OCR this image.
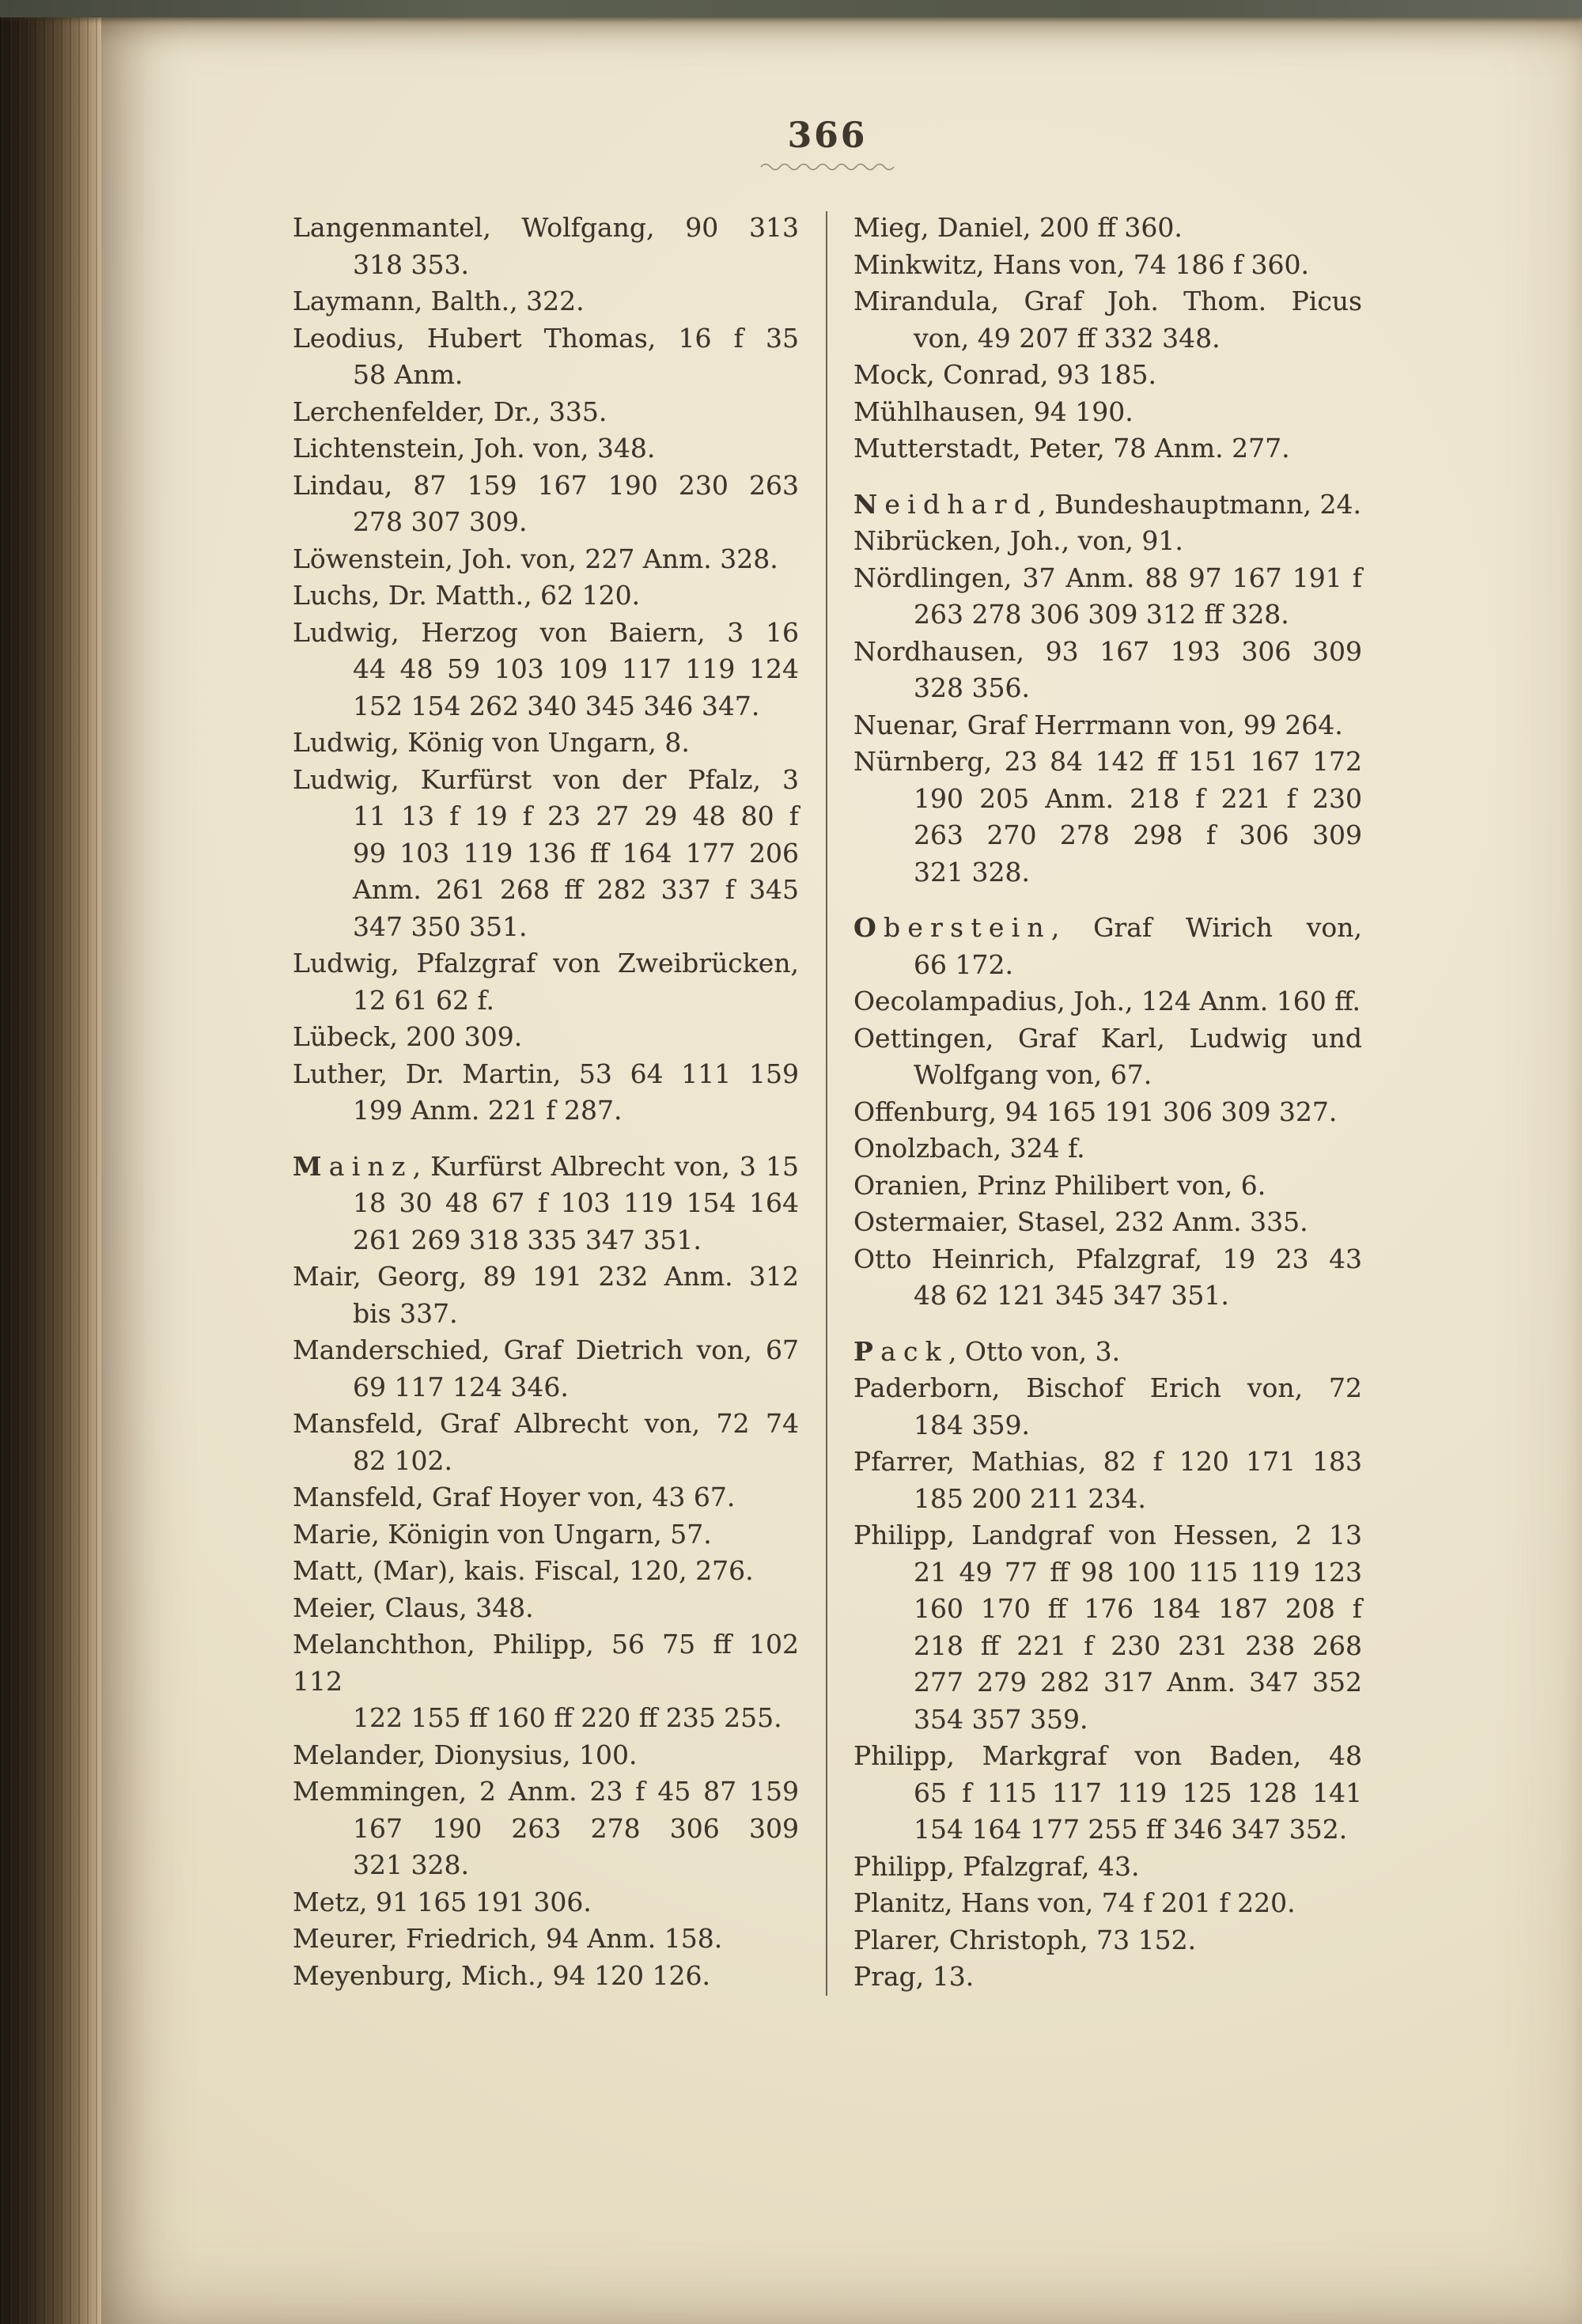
366
Langenmantel, Wolfgang, 90 313
318 353.
Laymann, Balth., 322.
Leodius, Hubert Thomas, 16 f 35
58 Anm.
Lerchenfelder, Dr., 335.
Lichtenstein, Joh. von, 348.
Lindau, 87 159 167 190 230 263
278 307 309.
Löwenstein, Joh. von, 227 Anm. 328.
Luchs, Dr. Matth., 62 120.
Ludwig, Herzog von Baiern, 3 16
44 48 59 103 109 117 119 124
152 154 262 340 345 346 347.
Ludwig, König von Ungarn, 8.
Ludwig, Kurfürst von der Pfalz, 3
11 13 f 19 f 23 27 29 48 80 f
99 103 119 136 ff 164 177 206
Anm. 261 268 ff 282 337 f 345
347 350 351.
Ludwig, Pfalzgraf von Zweibrücken,
12 61 62 f.
Lübeck, 200 309.
Luther, Dr. Martin, 53 64 111 159
199 Anm. 221 f 287.
Mainz, Kurfürst Albrecht von, 3 15
18 30 48 67 f 103 119 154 164
261 269 318 335 347 351.
Mair, Georg, 89 191 232 Anm. 312
bis 337.
Manderschied, Graf Dietrich von, 67
69 117 124 346.
Mansfeld, Graf Albrecht von, 72 74
82 102.
Mansfeld, Graf Hoyer von, 43 67.
Marie, Königin von Ungarn, 57.
Matt, (Mar), kais. Fiscal, 120, 276.
Meier, Claus, 348.
Melanchthon, Philipp, 56 75 ff 102 112
122 155 ff 160 ff 220 ff 235 255.
Melander, Dionysius, 100.
Memmingen, 2 Anm. 23 f 45 87 159
167 190 263 278 306 309
321 328.
Metz, 91 165 191 306.
Meurer, Friedrich, 94 Anm. 158.
Meyenburg, Mich., 94 120 126.
Mieg, Daniel, 200 ff 360.
Minkwitz, Hans von, 74 186 f 360.
Mirandula, Graf Joh. Thom. Picus
von, 49 207 ff 332 348.
Mock, Conrad, 93 185.
Mühlhausen, 94 190.
Mutterstadt, Peter, 78 Anm. 277.
Neidhard, Bundeshauptmann, 24.
Nibrücken, Joh., von, 91.
Nördlingen, 37 Anm. 88 97 167 191 f
263 278 306 309 312 ff 328.
Nordhausen, 93 167 193 306 309
328 356.
Nuenar, Graf Herrmann von, 99 264.
Nürnberg, 23 84 142 ff 151 167 172
190 205 Anm. 218 f 221 f 230
263 270 278 298 f 306 309
321 328.
Oberstein, Graf Wirich von,
66 172.
Oecolampadius, Joh., 124 Anm. 160 ff.
Oettingen, Graf Karl, Ludwig und
Wolfgang von, 67.
Offenburg, 94 165 191 306 309 327.
Onolzbach, 324 f.
Oranien, Prinz Philibert von, 6.
Ostermaier, Stasel, 232 Anm. 335.
Otto Heinrich, Pfalzgraf, 19 23 43
48 62 121 345 347 351.
Pack, Otto von, 3.
Paderborn, Bischof Erich von, 72
184 359.
Pfarrer, Mathias, 82 f 120 171 183
185 200 211 234.
Philipp, Landgraf von Hessen, 2 13
21 49 77 ff 98 100 115 119 123
160 170 ff 176 184 187 208 f
218 ff 221 f 230 231 238 268
277 279 282 317 Anm. 347 352
354 357 359.
Philipp, Markgraf von Baden, 48
65 f 115 117 119 125 128 141
154 164 177 255 ff 346 347 352.
Philipp, Pfalzgraf, 43.
Planitz, Hans von, 74 f 201 f 220.
Plarer, Christoph, 73 152.
Prag, 13.
